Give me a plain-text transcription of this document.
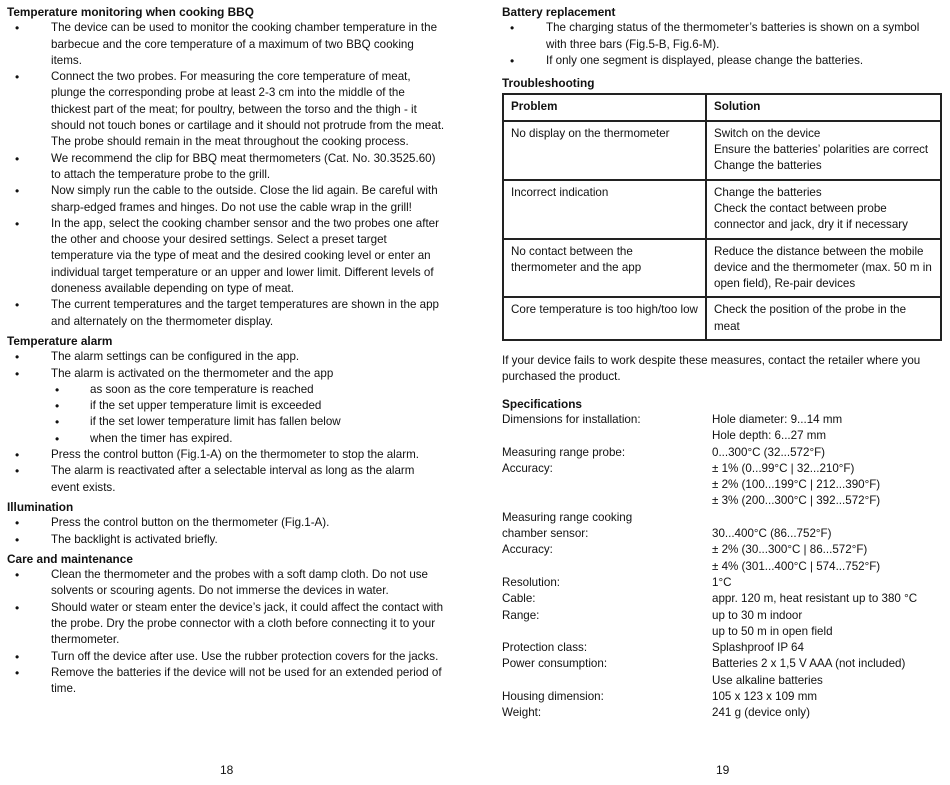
Temperature monitoring when cooking BBQ
• The device can be used to monitor the cooking chamber temperature in the barbecue and the core temperature of a maximum of two BBQ cooking items.
• Connect the two probes. For measuring the core temperature of meat, plunge the corresponding probe at least 2-3 cm into the middle of the thickest part of the meat; for poultry, between the torso and the thigh - it should not touch bones or cartilage and it should not protrude from the meat. The probe should remain in the meat throughout the cooking process.
• We recommend the clip for BBQ meat thermometers (Cat. No. 30.3525.60) to attach the temperature probe to the grill.
• Now simply run the cable to the outside. Close the lid again. Be careful with sharp-edged frames and hinges. Do not use the cable wrap in the grill!
• In the app, select the cooking chamber sensor and the two probes one after the other and choose your desired settings. Select a preset target temperature via the type of meat and the desired cooking level or enter an individual target temperature or an upper and lower limit. Different levels of doneness available depending on type of meat.
• The current temperatures and the target temperatures are shown in the app and alternately on the thermometer display.
Temperature alarm
• The alarm settings can be configured in the app.
• The alarm is activated on the thermometer and the app
• as soon as the core temperature is reached
• if the set upper temperature limit is exceeded
• if the set lower temperature limit has fallen below
• when the timer has expired.
• Press the control button (Fig.1-A) on the thermometer to stop the alarm.
• The alarm is reactivated after a selectable interval as long as the alarm event exists.
Illumination
• Press the control button on the thermometer (Fig.1-A).
• The backlight is activated briefly.
Care and maintenance
• Clean the thermometer and the probes with a soft damp cloth. Do not use solvents or scouring agents. Do not immerse the devices in water.
• Should water or steam enter the device’s jack, it could affect the contact with the probe. Dry the probe connector with a cloth before connecting it to your thermometer.
• Turn off the device after use. Use the rubber protection covers for the jacks.
• Remove the batteries if the device will not be used for an extended period of time.
18
Battery replacement
• The charging status of the thermometer’s batteries is shown on a symbol with three bars (Fig.5-B, Fig.6-M).
• If only one segment is displayed, please change the batteries.
Troubleshooting
Problem	Solution
No display on the thermometer	Switch on the device
Ensure the batteries’ polarities are correct
Change the batteries

Incorrect indication	Change the batteries
Check the contact between probe connector and jack, dry it if necessary

No contact between the thermometer and the app	Reduce the distance between the mobile device and the thermometer (max. 50 m in open field), Re-pair devices

Core temperature is too high/too low	Check the position of the probe in the meat
If your device fails to work despite these measures, contact the retailer where you purchased the product.
Specifications
Dimensions for installation:	Hole diameter: 9...14 mm
Hole depth: 6...27 mm
Measuring range probe:	0...300°C (32...572°F)
Accuracy:	± 1% (0...99°C | 32...210°F)
± 2% (100...199°C | 212...390°F)
± 3% (200...300°C | 392...572°F)
Measuring range cooking
chamber sensor:	30...400°C (86...752°F)
Accuracy:	± 2% (30...300°C | 86...572°F)
± 4% (301...400°C | 574...752°F)
Resolution:	1°C
Cable:	appr. 120 m, heat resistant up to 380 °C
Range:	up to 30 m indoor
up to 50 m in open field
Protection class:	Splashproof IP 64
Power consumption:	Batteries 2 x 1,5 V AAA (not included)
Use alkaline batteries
Housing dimension:	105 x 123 x 109 mm
Weight:	241 g (device only)
19
